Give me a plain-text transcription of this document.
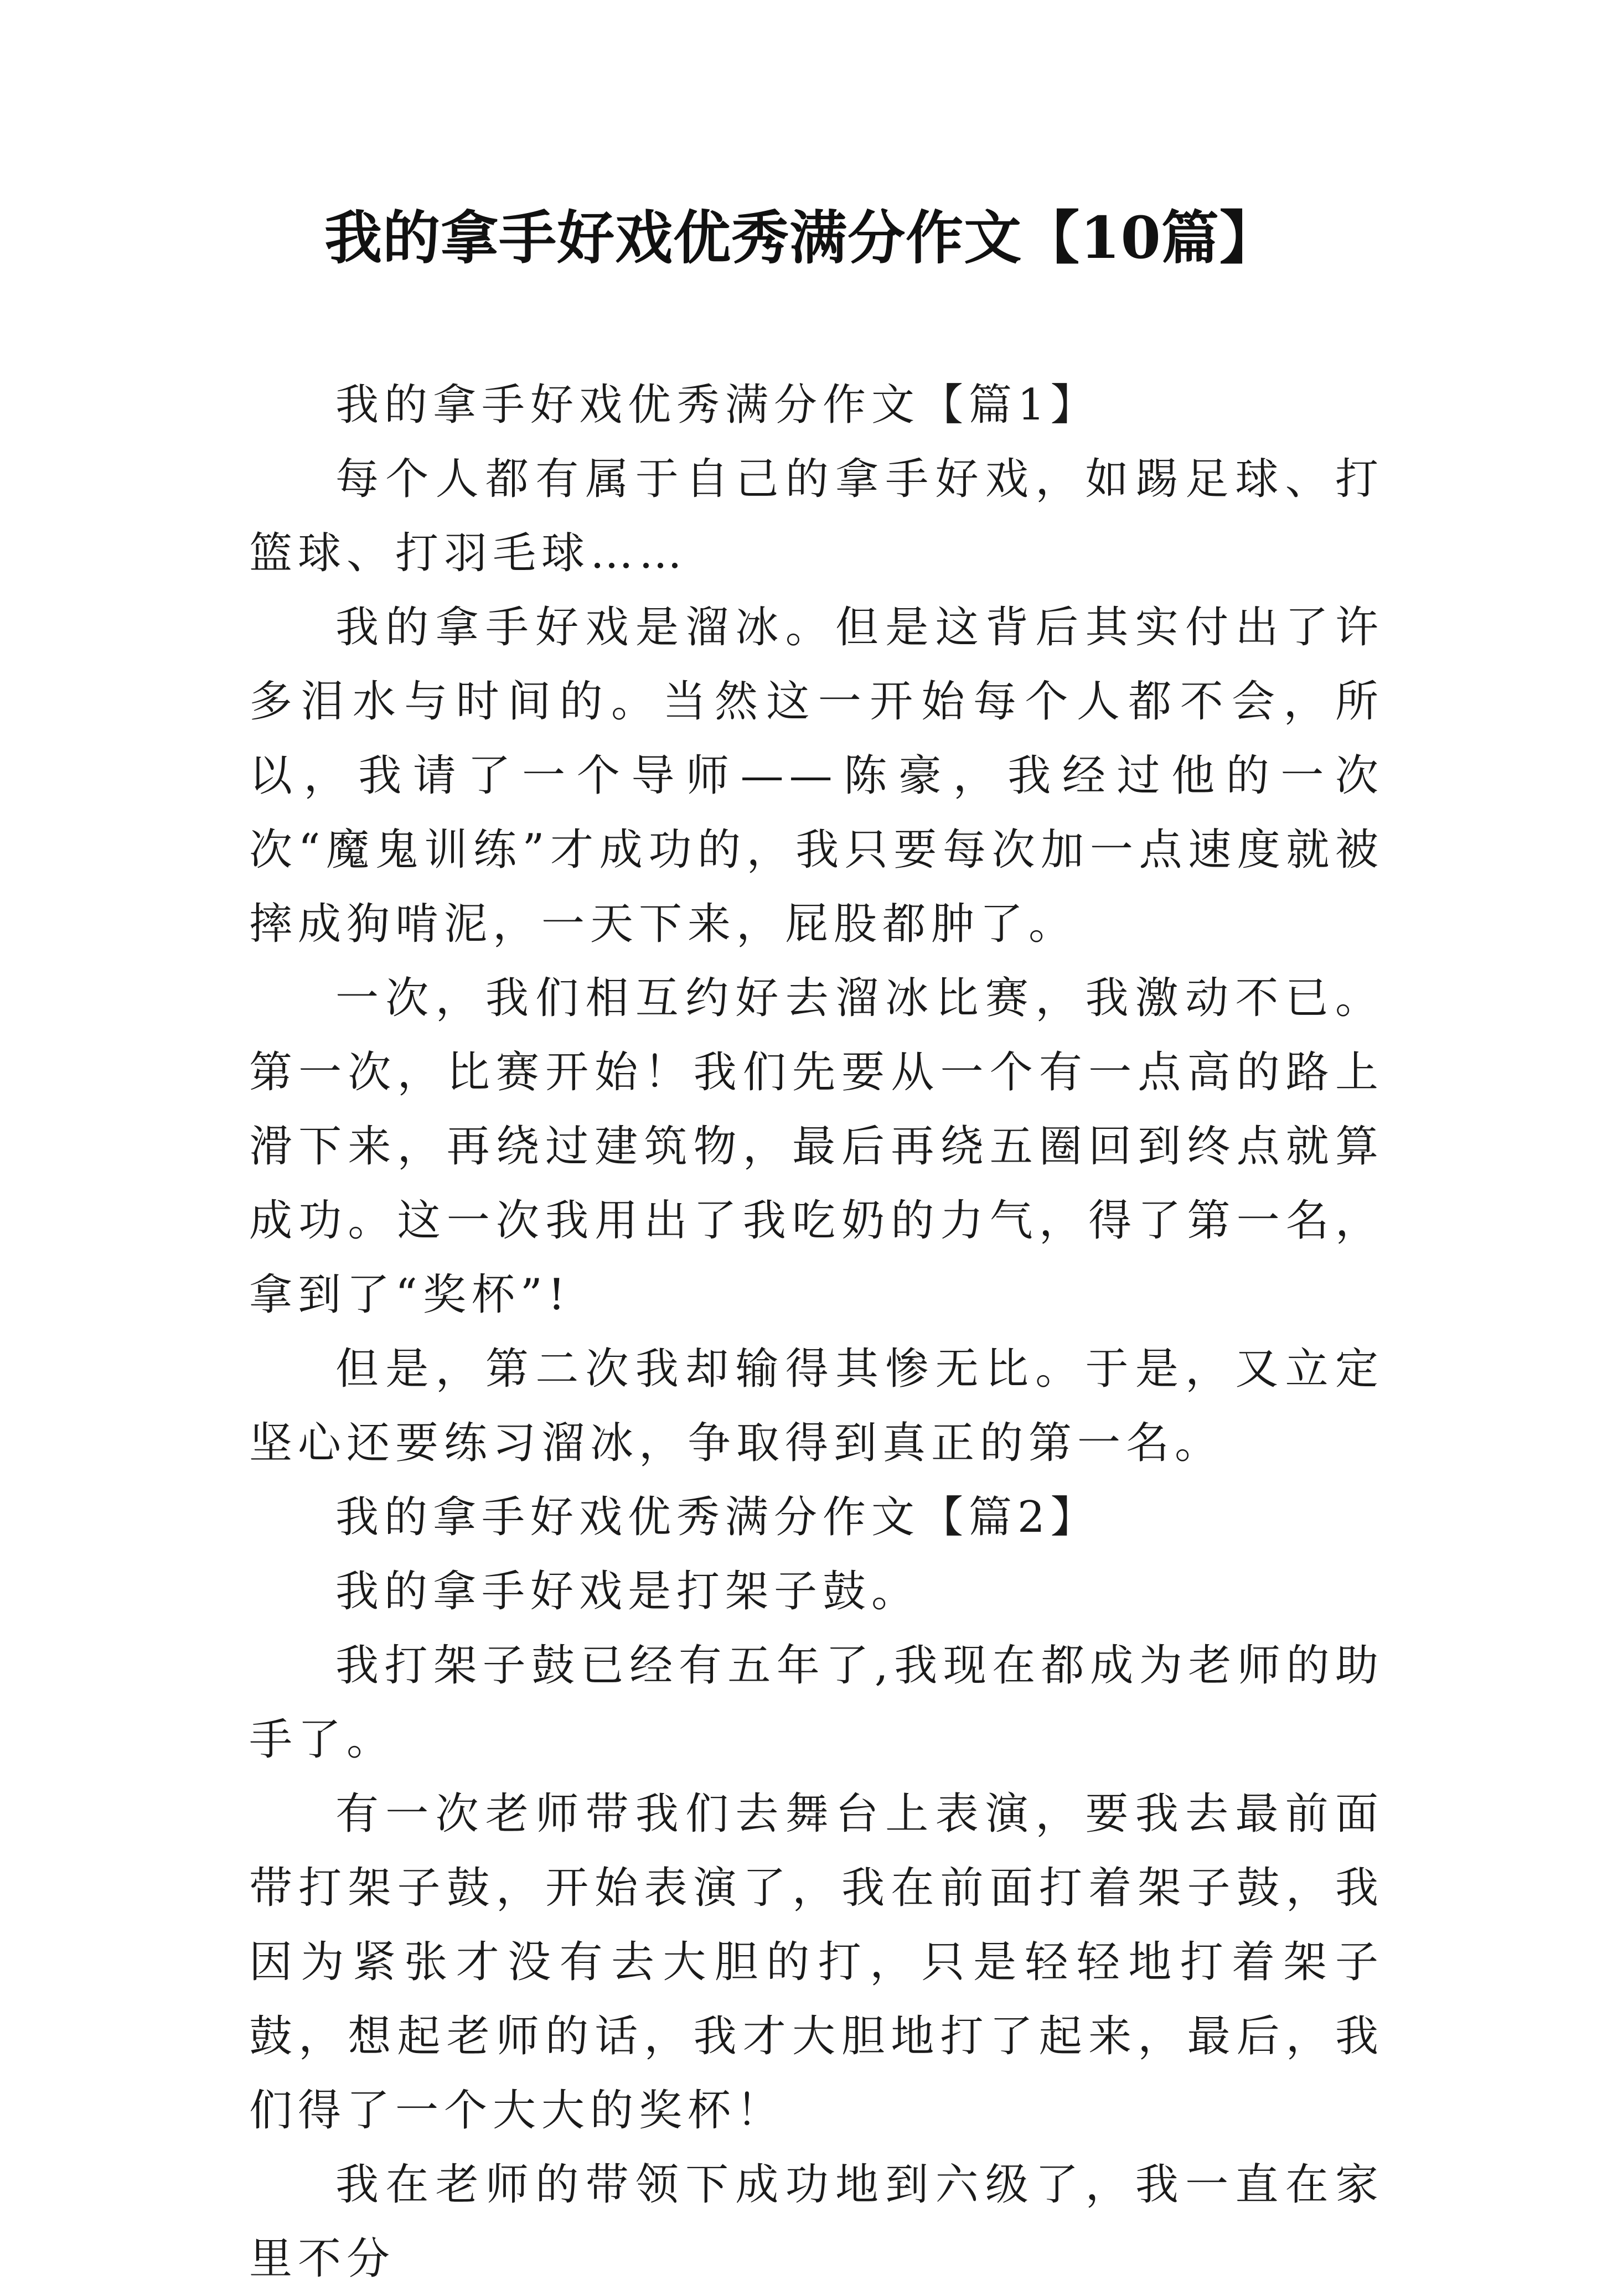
我的拿手好戏优秀满分作文【10篇】

我的拿手好戏优秀满分作文【篇1】

每个人都有属于自己的拿手好戏，如踢足球、打篮球、打羽毛球……

我的拿手好戏是溜冰。但是这背后其实付出了许多泪水与时间的。当然这一开始每个人都不会，所以，我请了一个导师——陈豪，我经过他的一次次“魔鬼训练”才成功的，我只要每次加一点速度就被摔成狗啃泥，一天下来，屁股都肿了。

一次，我们相互约好去溜冰比赛，我激动不已。第一次，比赛开始！我们先要从一个有一点高的路上滑下来，再绕过建筑物，最后再绕五圈回到终点就算成功。这一次我用出了我吃奶的力气，得了第一名，拿到了“奖杯”!

但是，第二次我却输得其惨无比。于是，又立定坚心还要练习溜冰，争取得到真正的第一名。

我的拿手好戏优秀满分作文【篇2】

我的拿手好戏是打架子鼓。

我打架子鼓已经有五年了,我现在都成为老师的助手了。

有一次老师带我们去舞台上表演，要我去最前面带打架子鼓，开始表演了，我在前面打着架子鼓，我因为紧张才没有去大胆的打，只是轻轻地打着架子鼓，想起老师的话，我才大胆地打了起来，最后，我们得了一个大大的奖杯！

我在老师的带领下成功地到六级了，我一直在家里不分
